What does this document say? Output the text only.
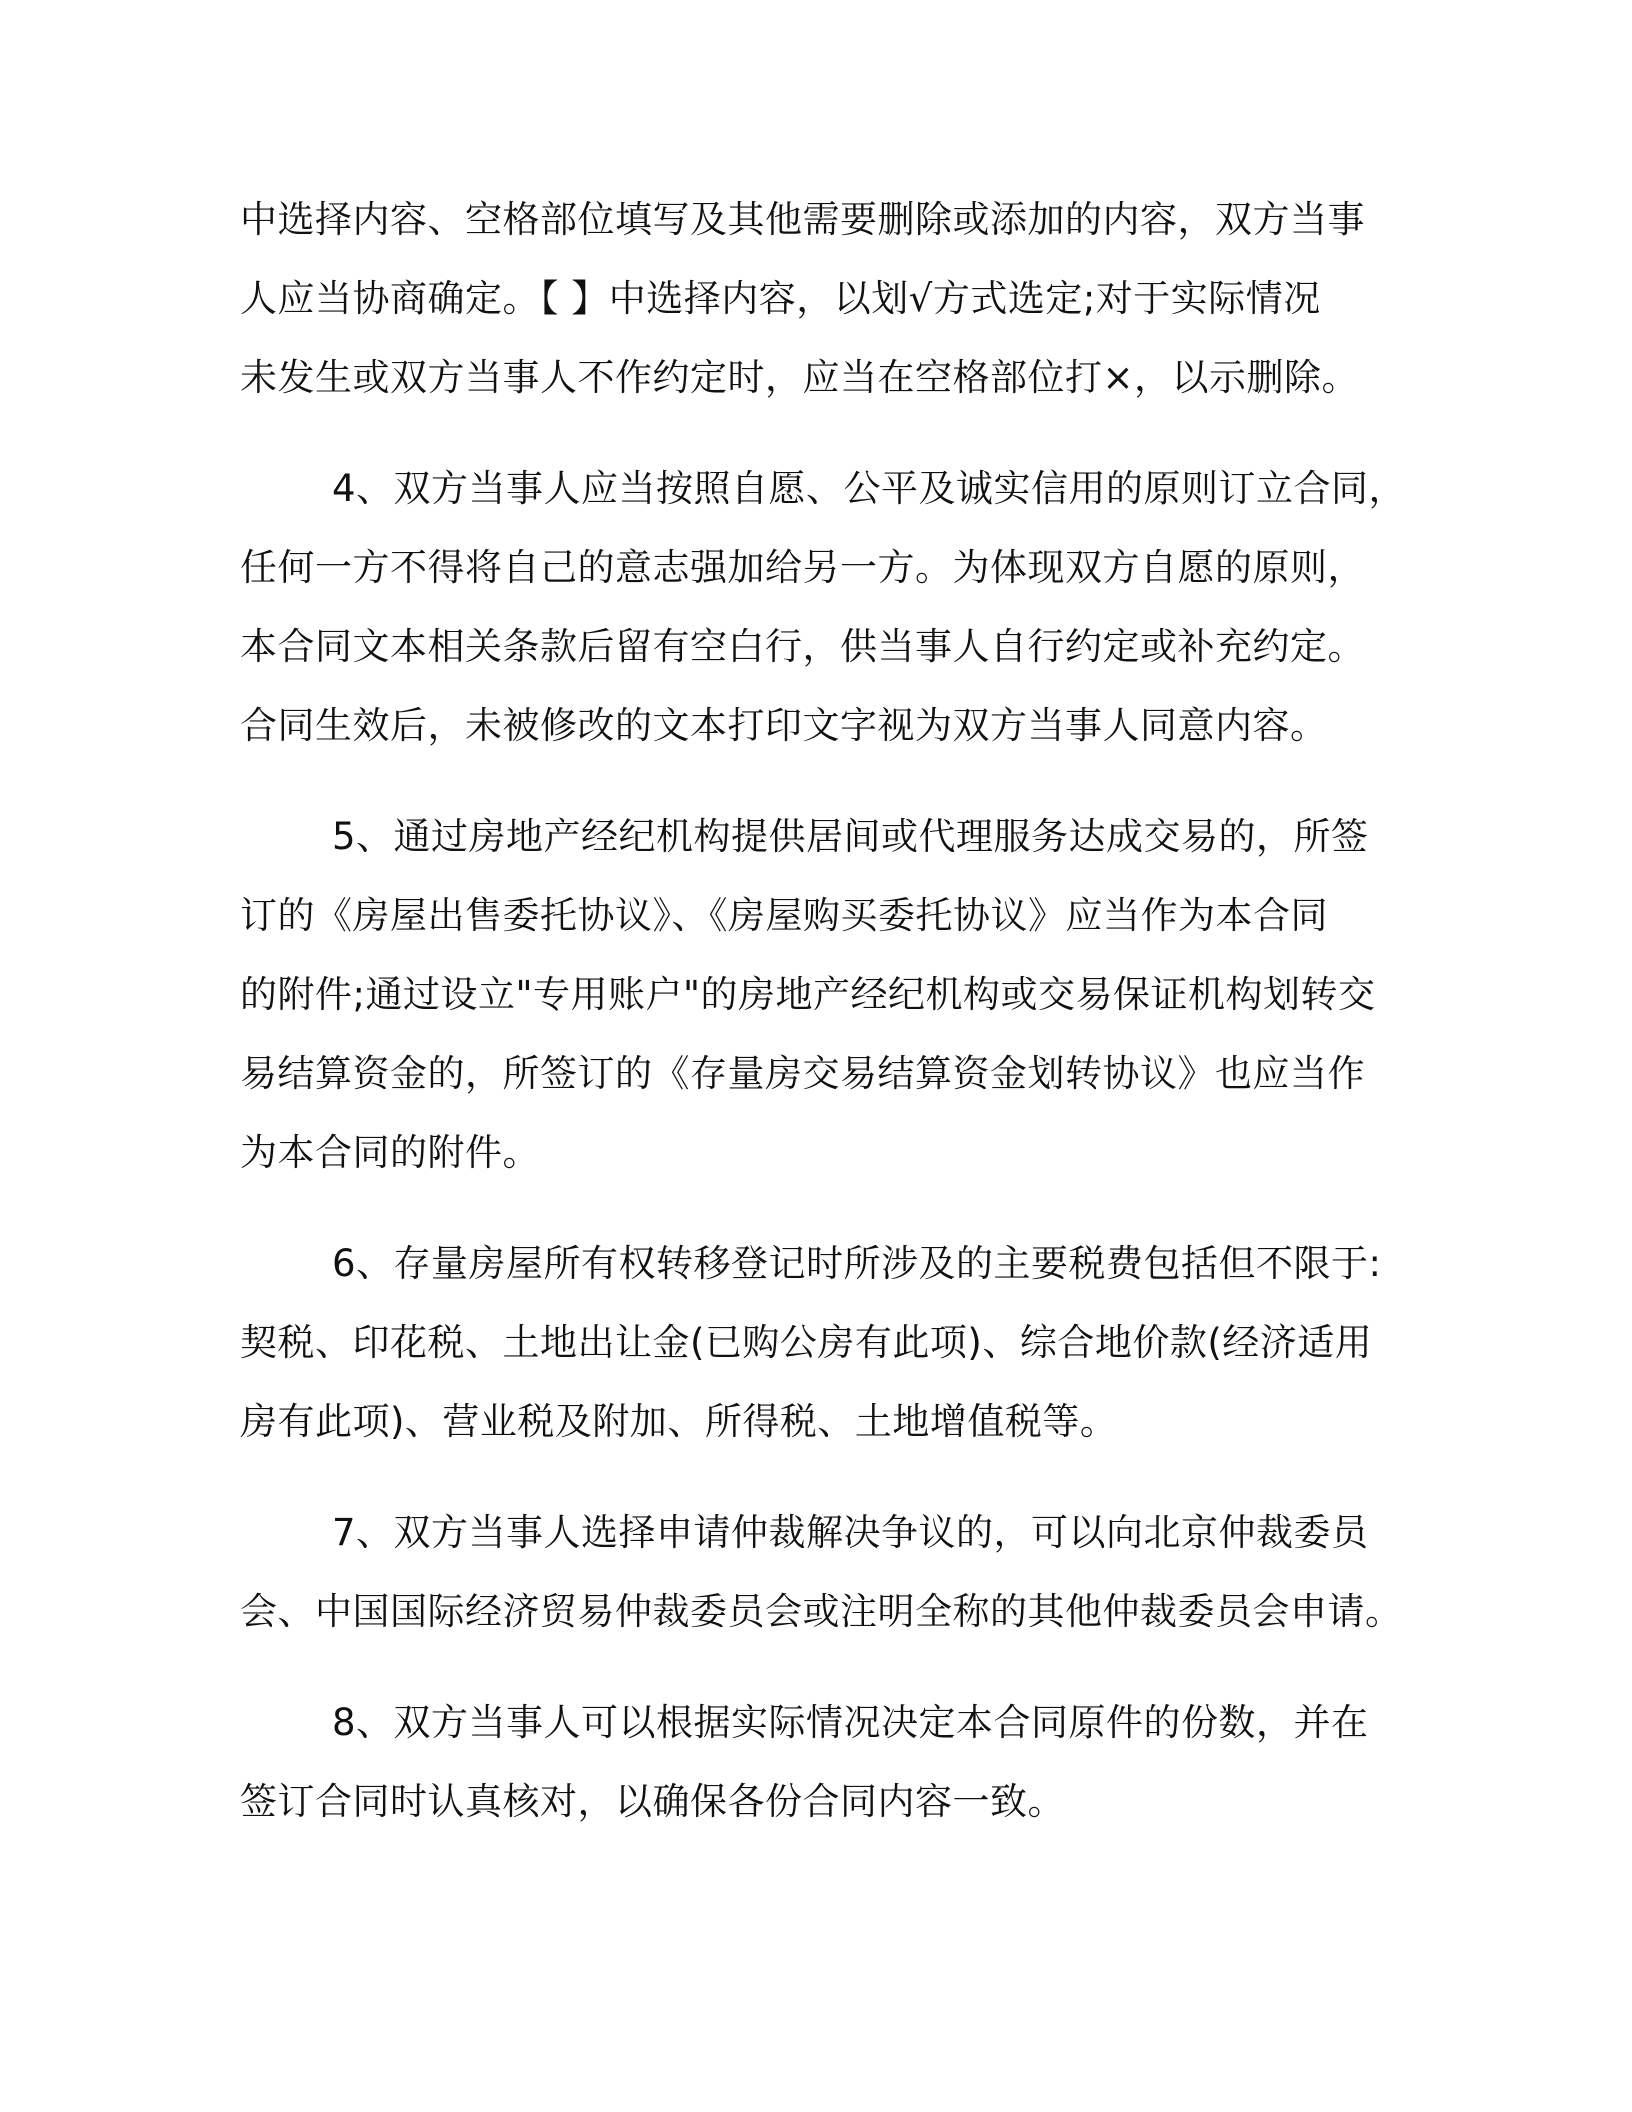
中选择内容、空格部位填写及其他需要删除或添加的内容，双方当事
人应当协商确定。【 】中选择内容，以划√方式选定;对于实际情况
未发生或双方当事人不作约定时，应当在空格部位打×，以示删除。
4、双方当事人应当按照自愿、公平及诚实信用的原则订立合同，
任何一方不得将自己的意志强加给另一方。为体现双方自愿的原则，
本合同文本相关条款后留有空白行，供当事人自行约定或补充约定。
合同生效后，未被修改的文本打印文字视为双方当事人同意内容。
5、通过房地产经纪机构提供居间或代理服务达成交易的，所签
订的《房屋出售委托协议》、《房屋购买委托协议》应当作为本合同
的附件;通过设立"专用账户"的房地产经纪机构或交易保证机构划转交
易结算资金的，所签订的《存量房交易结算资金划转协议》也应当作
为本合同的附件。
6、存量房屋所有权转移登记时所涉及的主要税费包括但不限于:
契税、印花税、土地出让金(已购公房有此项)、综合地价款(经济适用
房有此项)、营业税及附加、所得税、土地增值税等。
7、双方当事人选择申请仲裁解决争议的，可以向北京仲裁委员
会、中国国际经济贸易仲裁委员会或注明全称的其他仲裁委员会申请。
8、双方当事人可以根据实际情况决定本合同原件的份数，并在
签订合同时认真核对，以确保各份合同内容一致。
